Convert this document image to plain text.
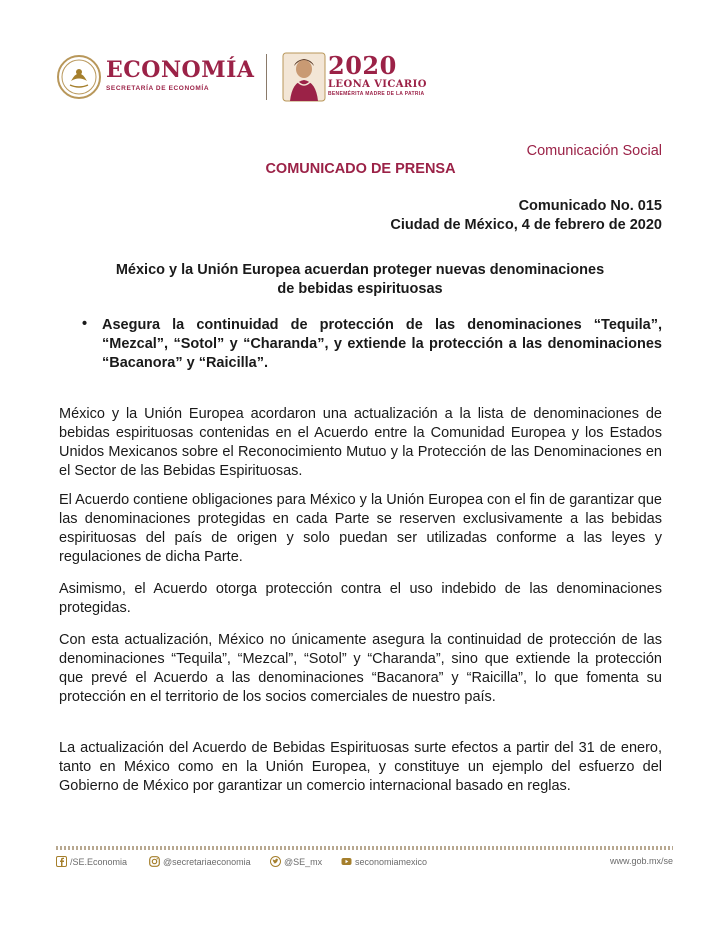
ECONOMÍA
SECRETARÍA DE ECONOMÍA
2020
LEONA VICARIO
BENEMÉRITA MADRE DE LA PATRIA
Comunicación Social
COMUNICADO DE PRENSA
Comunicado No. 015
Ciudad de México, 4 de febrero de 2020
México y la Unión Europea acuerdan proteger nuevas denominaciones
de bebidas espirituosas
• Asegura la continuidad de protección de las denominaciones “Tequila”, “Mezcal”, “Sotol” y “Charanda”, y extiende la protección a las denominaciones “Bacanora” y “Raicilla”.
México y la Unión Europea acordaron una actualización a la lista de denominaciones de bebidas espirituosas contenidas en el Acuerdo entre la Comunidad Europea y los Estados Unidos Mexicanos sobre el Reconocimiento Mutuo y la Protección de las Denominaciones en el Sector de las Bebidas Espirituosas.
El Acuerdo contiene obligaciones para México y la Unión Europea con el fin de garantizar que las denominaciones protegidas en cada Parte se reserven exclusivamente a las bebidas espirituosas del país de origen y solo puedan ser utilizadas conforme a las leyes y regulaciones de dicha Parte.
Asimismo, el Acuerdo otorga protección contra el uso indebido de las denominaciones protegidas.
Con esta actualización, México no únicamente asegura la continuidad de protección de las denominaciones “Tequila”, “Mezcal”, “Sotol” y “Charanda”, sino que extiende la protección que prevé el Acuerdo a las denominaciones “Bacanora” y “Raicilla”, lo que fomenta su protección en el territorio de los socios comerciales de nuestro país.
La actualización del Acuerdo de Bebidas Espirituosas surte efectos a partir del 31 de enero, tanto en México como en la Unión Europea, y constituye un ejemplo del esfuerzo del Gobierno de México por garantizar un comercio internacional basado en reglas.
/SE.Economia	@secretariaeconomia	@SE_mx	seconomiamexico	www.gob.mx/se
